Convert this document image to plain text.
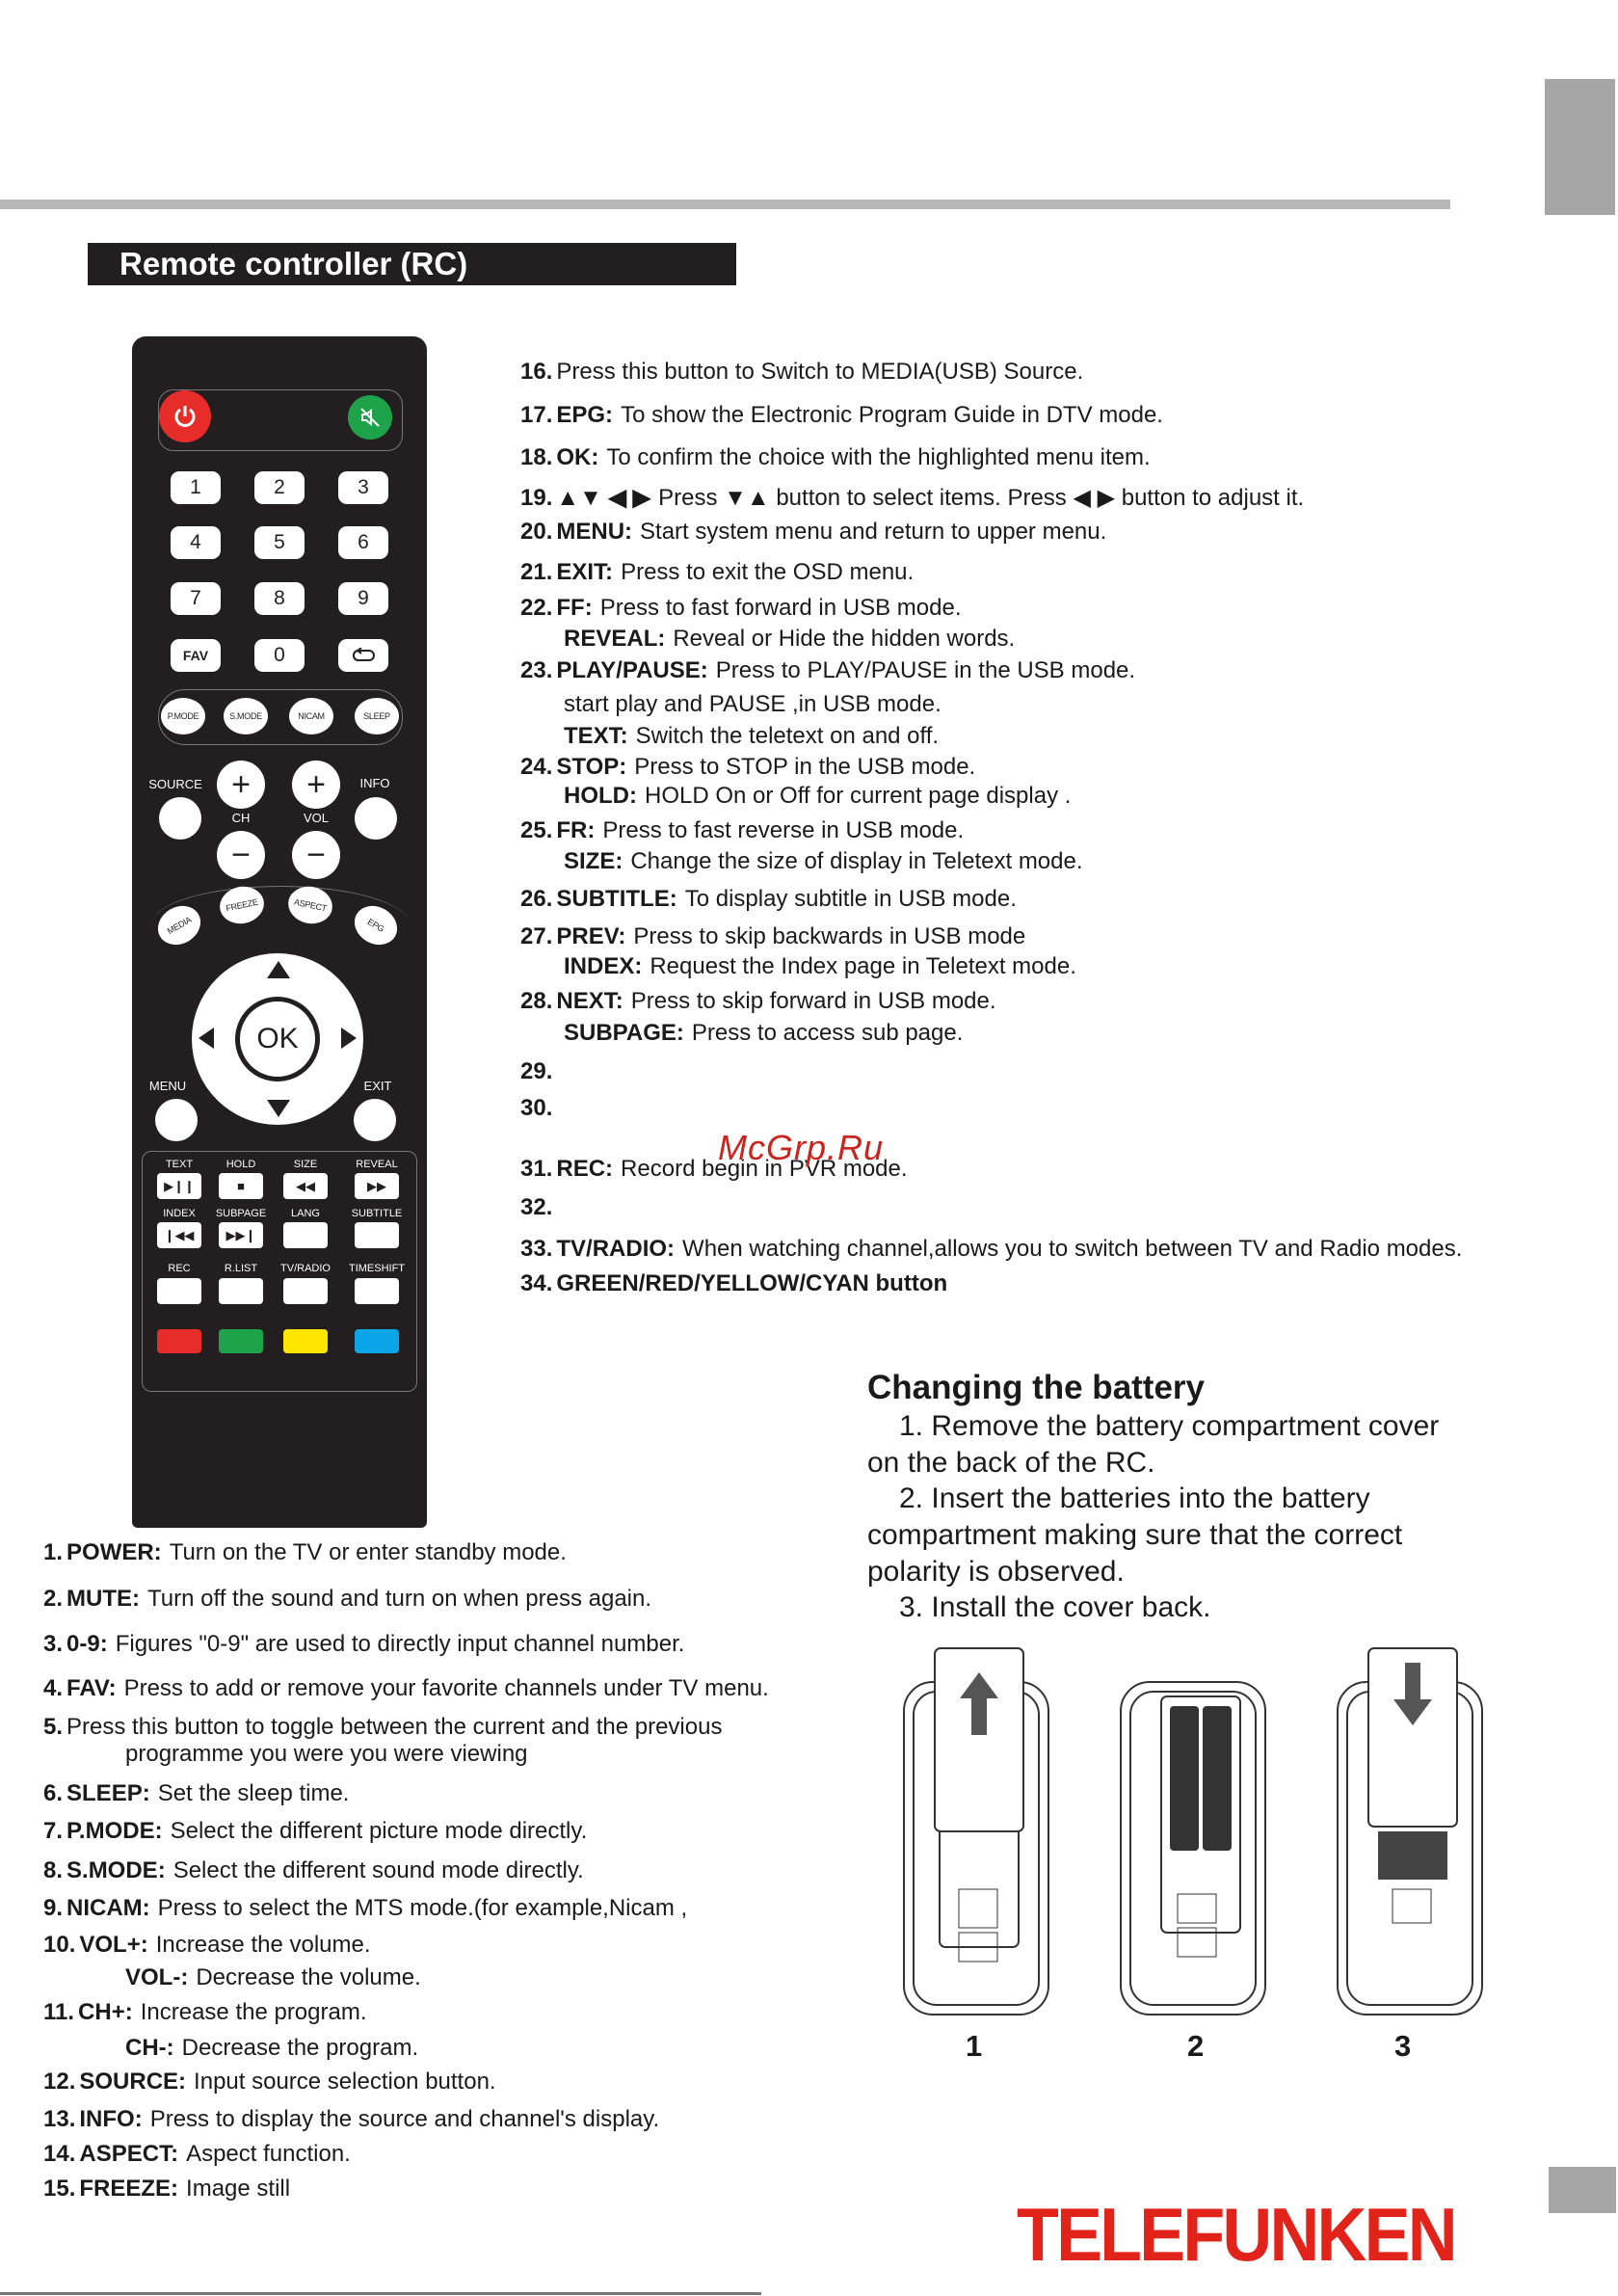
Remote controller (RC)
1	2	3
4	5	6
7	8	9
FAV	0
P.MODE	S.MODE	NICAM	SLEEP
SOURCE +
CH
−
+
VOL
−
INFO
MEDIA
FREEZE	ASPECT
EPG
OK
MENU	EXIT
TEXT	HOLD	SIZE	REVEAL
▶❙❙	■	◀◀	▶▶
INDEX	SUBPAGE	LANG	SUBTITLE
❙◀◀	▶▶❙
REC	R.LIST	TV/RADIO	TIMESHIFT
16. Press this button to Switch to MEDIA(USB) Source.
17. EPG: To show the Electronic Program Guide in DTV mode.
18. OK: To confirm the choice with the highlighted menu item.
19. ▲▼ ◀ ▶ Press ▼▲ button to select items. Press ◀ ▶ button to adjust it.
20. MENU: Start system menu and return to upper menu.
21. EXIT: Press to exit the OSD menu.
22. FF: Press to fast forward in USB mode.
REVEAL: Reveal or Hide the hidden words.
23. PLAY/PAUSE: Press to PLAY/PAUSE in the USB mode.
start play and PAUSE ,in USB mode.
TEXT: Switch the teletext on and off.
24. STOP: Press to STOP in the USB mode.
HOLD: HOLD On or Off for current page display .
25. FR: Press to fast reverse in USB mode.
SIZE: Change the size of display in Teletext mode.
26. SUBTITLE: To display subtitle in USB mode.
27. PREV: Press to skip backwards in USB mode
INDEX: Request the Index page in Teletext mode.
28. NEXT: Press to skip forward in USB mode.
SUBPAGE: Press to access sub page.
29.
30.
31. REC: Record begin in PVR mode.
32.
33. TV/RADIO: When watching channel,allows you to switch between TV and Radio modes.
34. GREEN/RED/YELLOW/CYAN button
McGrp.Ru
1. POWER: Turn on the TV or enter standby mode.
2. MUTE: Turn off the sound and turn on when press again.
3. 0-9: Figures "0-9" are used to directly input channel number.
4. FAV: Press to add or remove your favorite channels under TV menu.
5. Press this button to toggle between the current and the previous
programme you were you were viewing
6. SLEEP: Set the sleep time.
7. P.MODE: Select the different picture mode directly.
8. S.MODE: Select the different sound mode directly.
9. NICAM: Press to select the MTS mode.(for example,Nicam ,
10. VOL+: Increase the volume.
VOL-: Decrease the volume.
11. CH+: Increase the program.
CH-: Decrease the program.
12. SOURCE: Input source selection button.
13. INFO: Press to display the source and channel's display.
14. ASPECT: Aspect function.
15. FREEZE: Image still
Changing the battery
1. Remove the battery compartment cover
on the back of the RC.
2. Insert the batteries into the battery
compartment making sure that the correct
polarity is observed.
3. Install the cover back.
1	2	3
TELEFUNKEN
